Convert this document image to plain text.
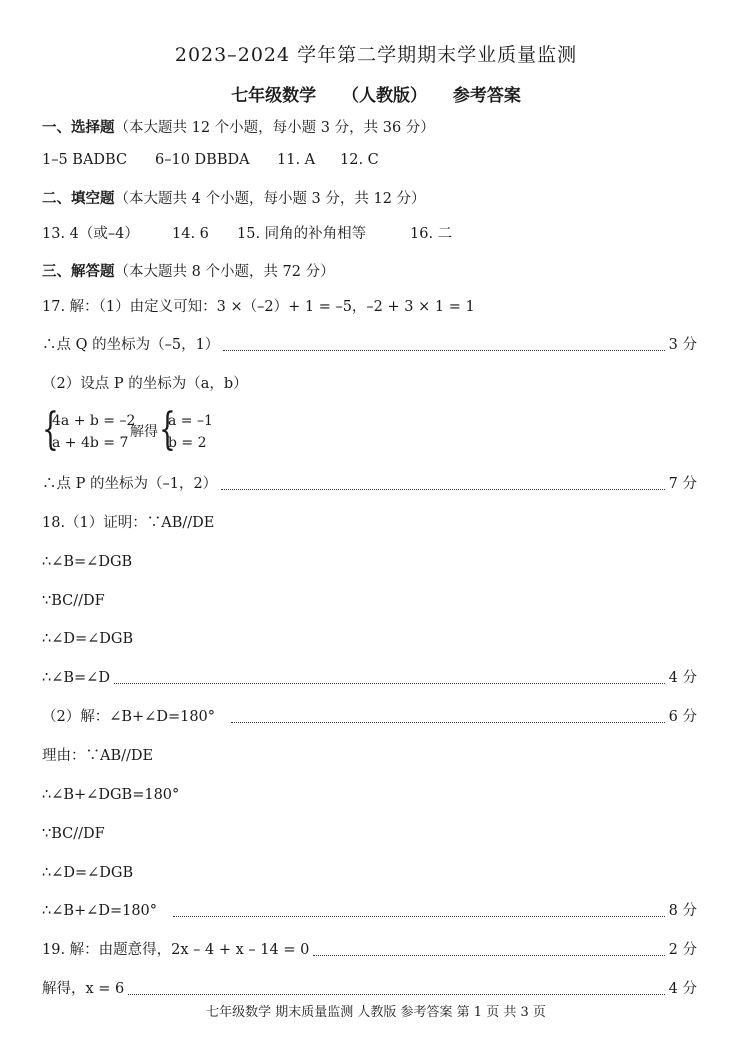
2023–2024 学年第二学期期末学业质量监测
七年级数学 （人教版） 参考答案
一、选择题（本大题共 12 个小题，每小题 3 分，共 36 分）
1–5 BADBC 6–10 DBBDA 11. A 12. C
二、填空题（本大题共 4 个小题，每小题 3 分，共 12 分）
13. 4（或–4） 14. 6 15. 同角的补角相等	16. 二
三、解答题（本大题共 8 个小题，共 72 分）
17. 解：（1）由定义可知：3 ×（–2）+ 1 = –5，–2 + 3 × 1 = 1
∴点 Q 的坐标为（–5，1）	3 分
（2）设点 P 的坐标为（a，b）
{
4a + b = –2
a + 4b = 7
解得 {
a = –1
b = 2
∴点 P 的坐标为（–1，2）	7 分
18.（1）证明：∵AB//DE
∴∠B=∠DGB
∵BC//DF
∴∠D=∠DGB
∴∠B=∠D	4 分
（2）解：∠B+∠D=180°	6 分
理由：∵AB//DE
∴∠B+∠DGB=180°
∵BC//DF
∴∠D=∠DGB
∴∠B+∠D=180°	8 分
19. 解：由题意得，2x – 4 + x – 14 = 0	2 分
解得，x = 6	4 分
七年级数学 期末质量监测 人教版 参考答案 第 1 页 共 3 页
